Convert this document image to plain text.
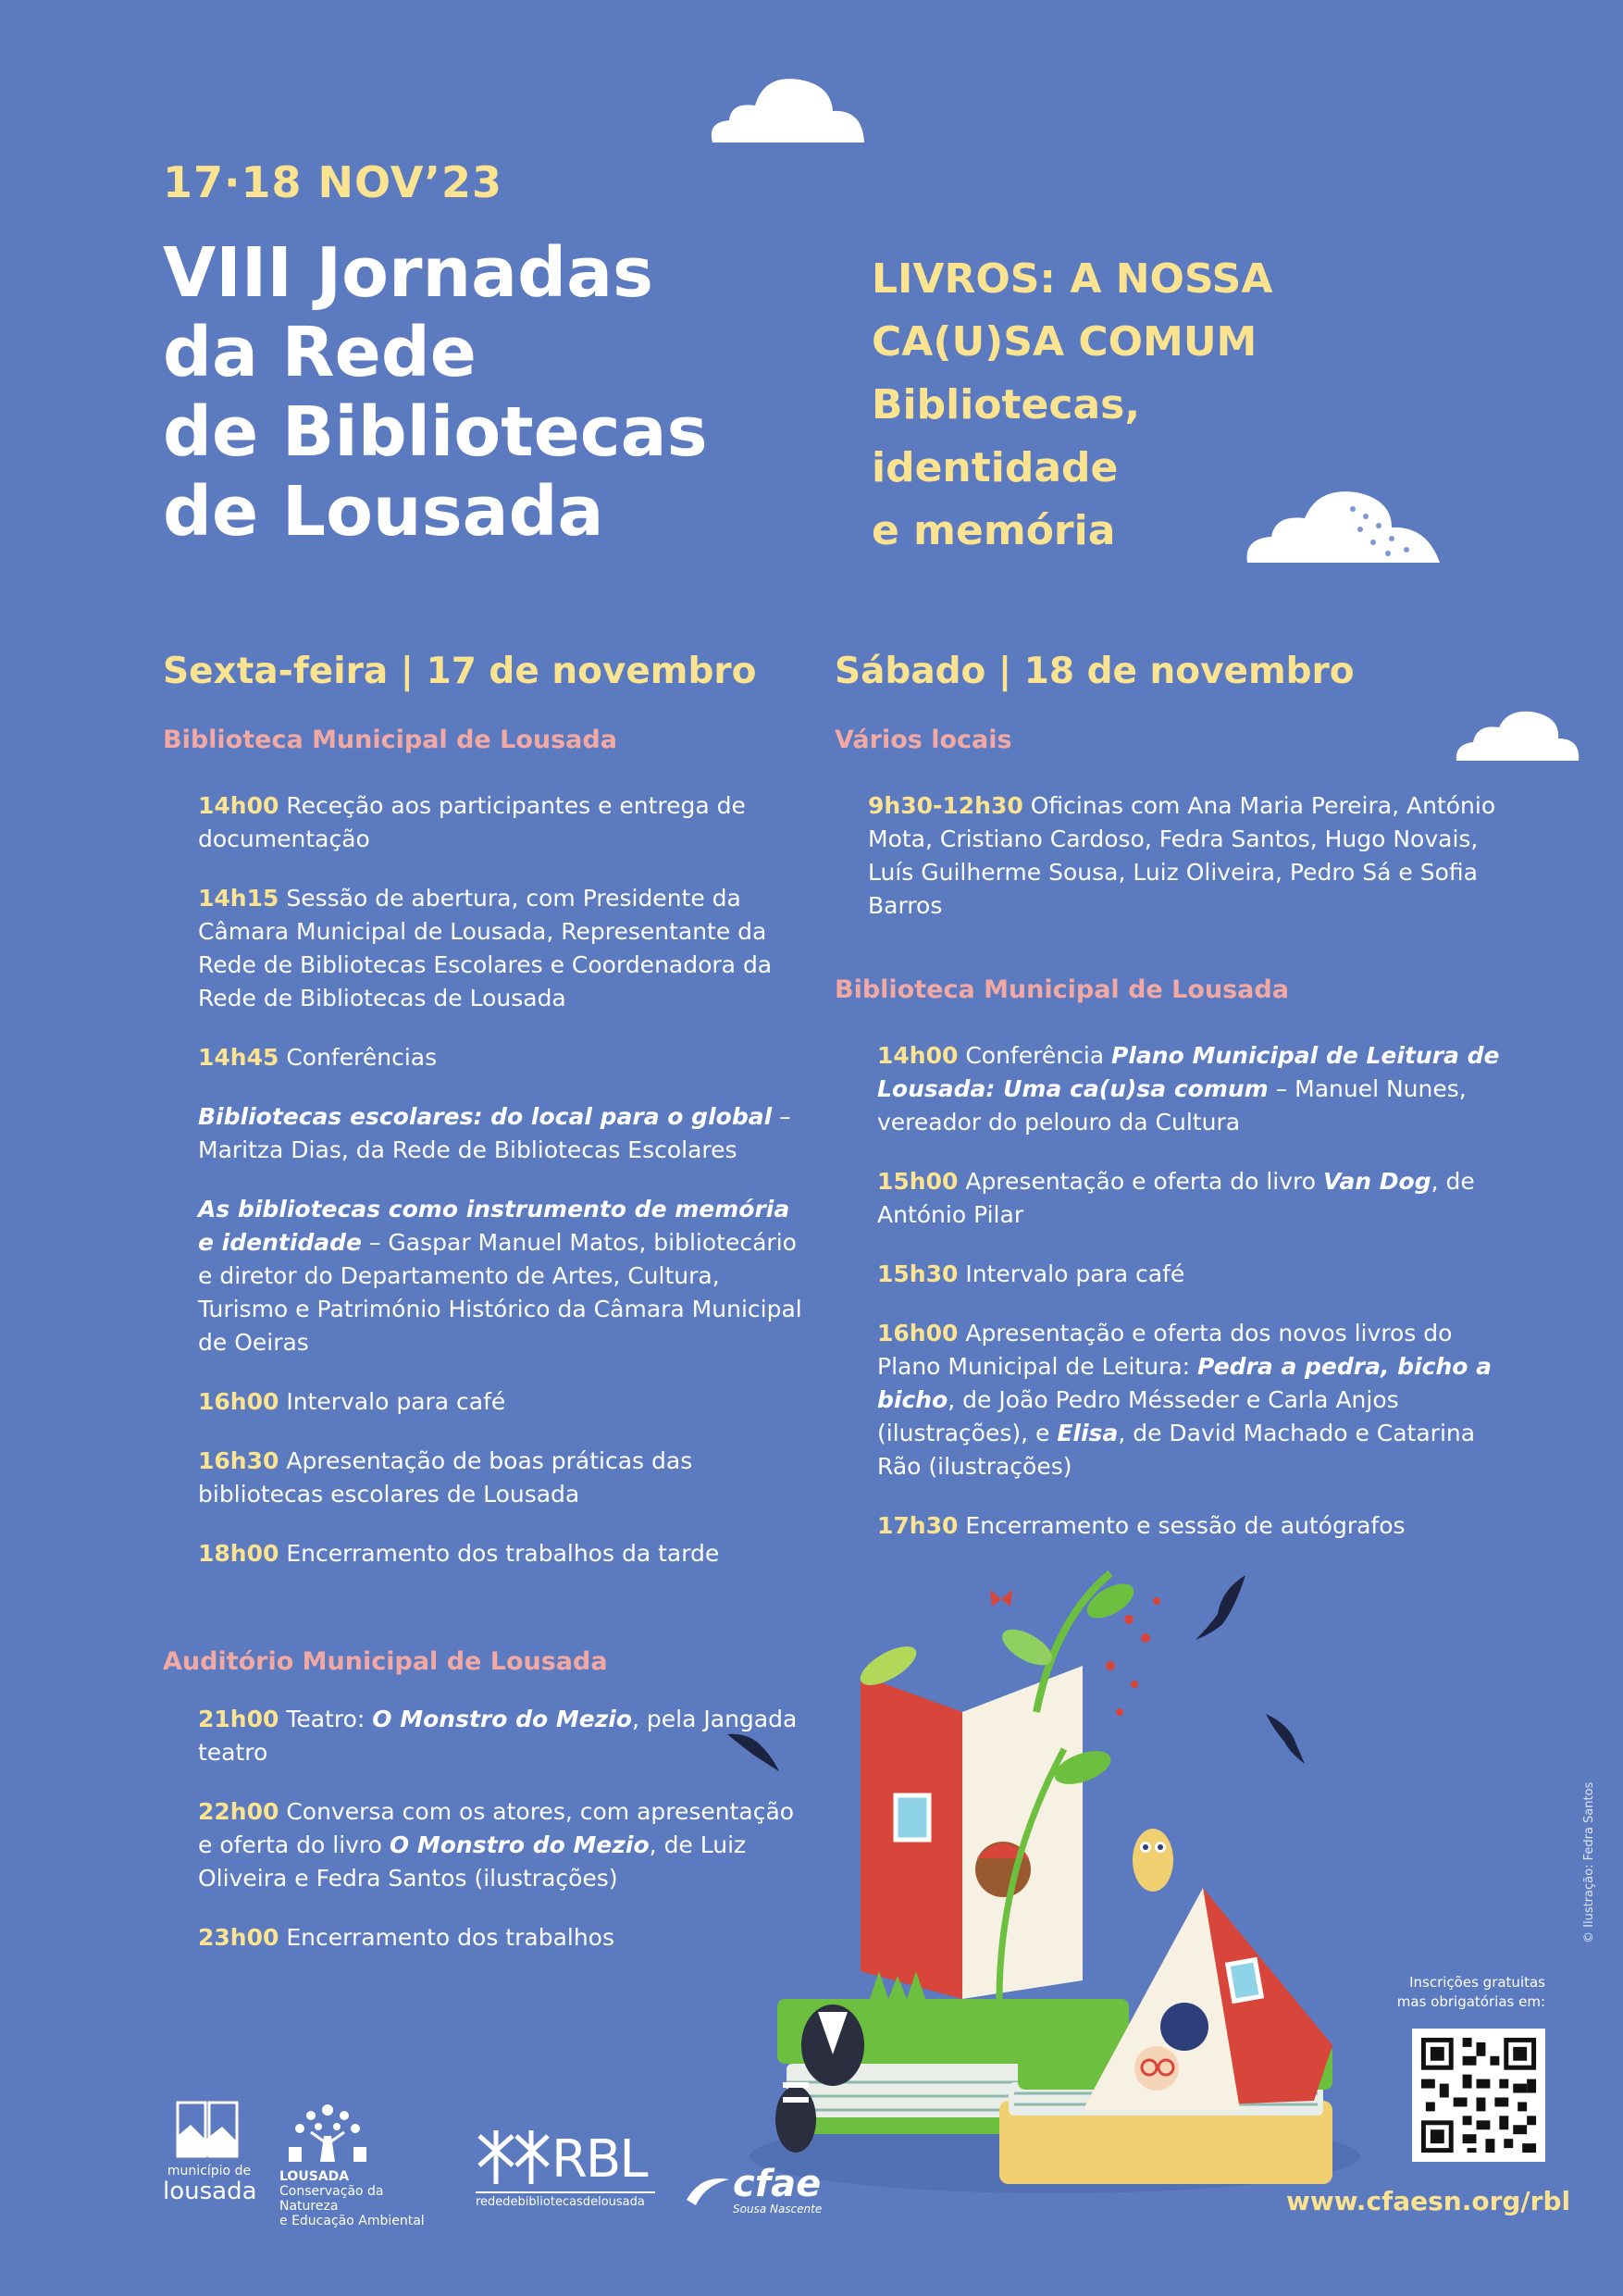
17·18 NOV’23
VIII Jornadas
da Rede
de Bibliotecas
de Lousada
LIVROS: A NOSSA
CA(U)SA COMUM
Bibliotecas, identidade
e memória
Sexta-feira | 17 de novembro
Biblioteca Municipal de Lousada

14h00 Receção aos participantes e entrega de documentação

14h15 Sessão de abertura, com Presidente da Câmara Municipal de Lousada, Representante da Rede de Bibliotecas Escolares e Coordenadora da Rede de Bibliotecas de Lousada

14h45 Conferências

Bibliotecas escolares: do local para o global – Maritza Dias, da Rede de Bibliotecas Escolares

As bibliotecas como instrumento de memória e identidade – Gaspar Manuel Matos, bibliotecário e diretor do Departamento de Artes, Cultura, Turismo e Património Histórico da Câmara Municipal de Oeiras

16h00 Intervalo para café

16h30 Apresentação de boas práticas das bibliotecas escolares de Lousada

18h00 Encerramento dos trabalhos da tarde

Auditório Municipal de Lousada

21h00 Teatro: O Monstro do Mezio, pela Jangada teatro

22h00 Conversa com os atores, com apresentação e oferta do livro O Monstro do Mezio, de Luiz Oliveira e Fedra Santos (ilustrações)

23h00 Encerramento dos trabalhos

Sábado | 18 de novembro
Vários locais

9h30-12h30 Oficinas com Ana Maria Pereira, António Mota, Cristiano Cardoso, Fedra Santos, Hugo Novais, Luís Guilherme Sousa, Luiz Oliveira, Pedro Sá e Sofia Barros

Biblioteca Municipal de Lousada

14h00 Conferência Plano Municipal de Leitura de Lousada: Uma ca(u)sa comum – Manuel Nunes, vereador do pelouro da Cultura

15h00 Apresentação e oferta do livro Van Dog, de António Pilar

15h30 Intervalo para café

16h00 Apresentação e oferta dos novos livros do Plano Municipal de Leitura: Pedra a pedra, bicho a bicho, de João Pedro Mésseder e Carla Anjos (ilustrações), e Elisa, de David Machado e Catarina Rão (ilustrações)

17h30 Encerramento e sessão de autógrafos

© Ilustração: Fedra Santos
Inscrições gratuitas
mas obrigatórias em:
www.cfaesn.org/rbl
município de
lousada
LOUSADA
Conservação da Natureza
e Educação Ambiental
RBL
rededebibliotecasdelousada cfae
Sousa Nascente
